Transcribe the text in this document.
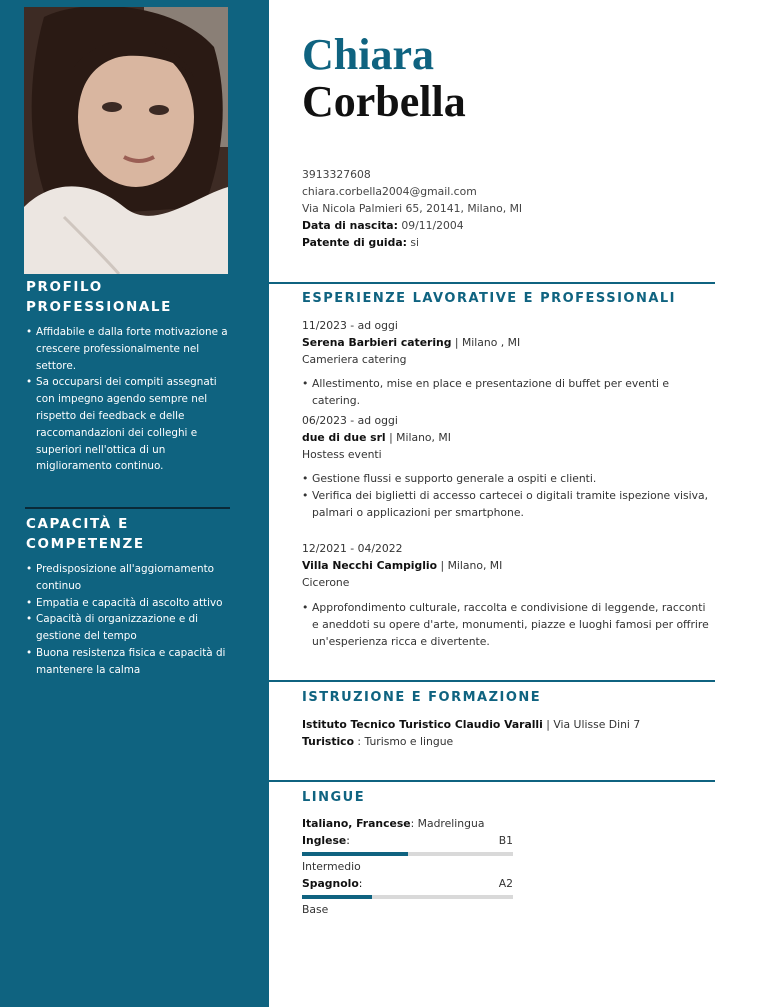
PROFILO
PROFESSIONALE
• Affidabile e dalla forte motivazione a crescere professionalmente nel settore.
• Sa occuparsi dei compiti assegnati con impegno agendo sempre nel rispetto dei feedback e delle raccomandazioni dei colleghi e superiori nell'ottica di un miglioramento continuo.
CAPACITÀ E
COMPETENZE
• Predisposizione all'aggiornamento continuo
• Empatia e capacità di ascolto attivo
• Capacità di organizzazione e di gestione del tempo
• Buona resistenza fisica e capacità di mantenere la calma
Chiara
Corbella
3913327608
chiara.corbella2004@gmail.com
Via Nicola Palmieri 65, 20141, Milano, MI
Data di nascita: 09/11/2004
Patente di guida: si
ESPERIENZE LAVORATIVE E PROFESSIONALI
11/2023 - ad oggi
Serena Barbieri catering | Milano , MI
Cameriera catering
• Allestimento, mise en place e presentazione di buffet per eventi e catering.
06/2023 - ad oggi
due di due srl | Milano, MI
Hostess eventi
• Gestione flussi e supporto generale a ospiti e clienti.
• Verifica dei biglietti di accesso cartecei o digitali tramite ispezione visiva, palmari o applicazioni per smartphone.
12/2021 - 04/2022
Villa Necchi Campiglio | Milano, MI
Cicerone
• Approfondimento culturale, raccolta e condivisione di leggende, racconti e aneddoti su opere d'arte, monumenti, piazze e luoghi famosi per offrire un'esperienza ricca e divertente.
ISTRUZIONE E FORMAZIONE
Istituto Tecnico Turistico Claudio Varalli | Via Ulisse Dini 7
Turistico : Turismo e lingue
LINGUE
Italiano, Francese: Madrelingua
Inglese:	B1
Intermedio
Spagnolo:	A2
Base
